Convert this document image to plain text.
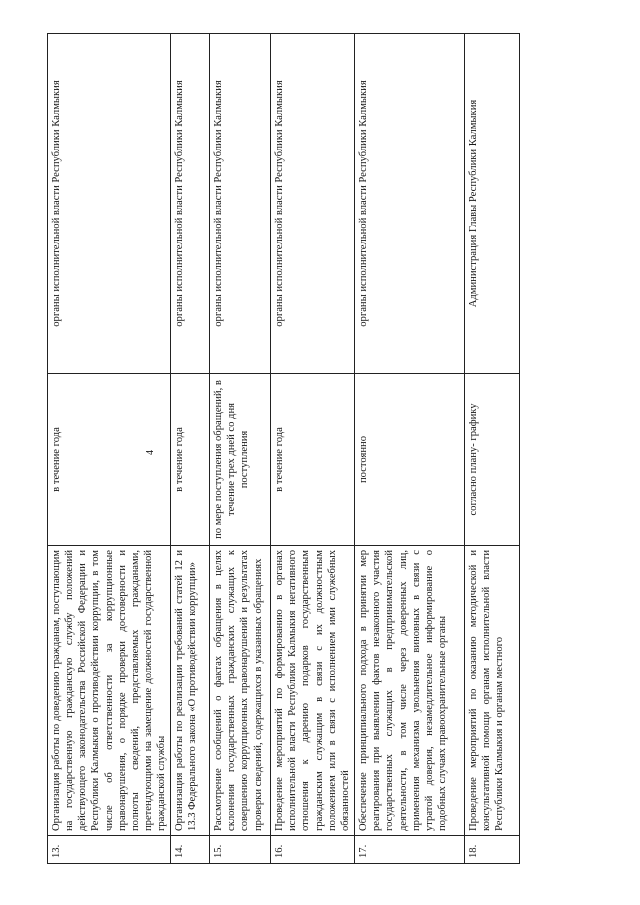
4
13.	Организация работы по доведению гражданам, поступающим на государственную гражданскую службу положений действующего законодательства Российской Федерации и Республики Калмыкия о противодействии коррупции, в том числе об ответственности за коррупционные правонарушения, о порядке проверки достоверности и полноты сведений, представляемых гражданами, претендующими на замещение должностей государственной гражданской службы	в течение года	органы исполнительной власти Республики Калмыкия
14.	Организация работы по реализации требований статей 12 и 13.3 Федерального закона «О противодействии коррупции»	в течение года	органы исполнительной власти Республики Калмыкия
15.	Рассмотрение сообщений о фактах обращения в целях склонения государственных гражданских служащих к совершению коррупционных правонарушений и результатах проверки сведений, содержащихся в указанных обращениях	по мере поступления обращений, в течение трех дней со дня поступления	органы исполнительной власти Республики Калмыкия
16.	Проведение мероприятий по формированию в органах исполнительной власти Республики Калмыкия негативного отношения к дарению подарков государственным гражданским служащим в связи с их должностным положением или в связи с исполнением ими служебных обязанностей	в течение года	органы исполнительной власти Республики Калмыкия
17.	Обеспечение принципиального подхода в принятии мер реагирования при выявлении фактов незаконного участия государственных служащих в предпринимательской деятельности, в том числе через доверенных лиц, применения механизма увольнения виновных в связи с утратой доверия, незамедлительное информирование о подобных случаях правоохранительные органы	постоянно	органы исполнительной власти Республики Калмыкия
18.	Проведение мероприятий по оказанию методической и консультативной помощи органам исполнительной власти Республики Калмыкия и органам местного	согласно плану- графику	Администрация Главы Республики Калмыкия
